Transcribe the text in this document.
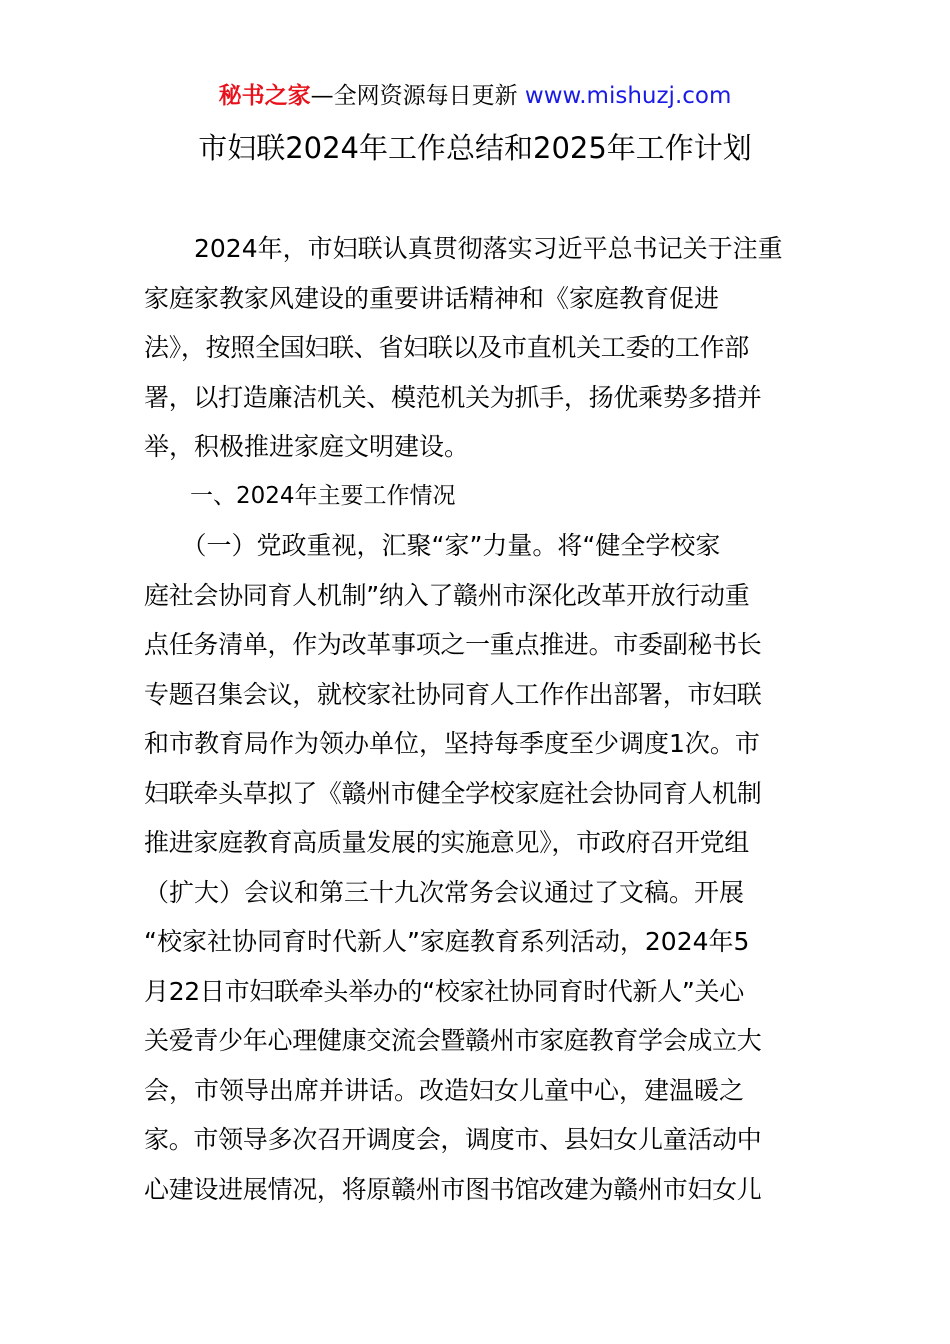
秘书之家—全网资源每日更新 www.mishuzj.com
市妇联2024年工作总结和2025年工作计划
　　2024年，市妇联认真贯彻落实习近平总书记关于注重
家庭家教家风建设的重要讲话精神和《家庭教育促进
法》，按照全国妇联、省妇联以及市直机关工委的工作部
署，以打造廉洁机关、模范机关为抓手，扬优乘势多措并
举，积极推进家庭文明建设。
　　一、2024年主要工作情况
　　（一）党政重视，汇聚“家”力量。将“健全学校家
庭社会协同育人机制”纳入了赣州市深化改革开放行动重
点任务清单，作为改革事项之一重点推进。市委副秘书长
专题召集会议，就校家社协同育人工作作出部署，市妇联
和市教育局作为领办单位，坚持每季度至少调度1次。市
妇联牵头草拟了《赣州市健全学校家庭社会协同育人机制
推进家庭教育高质量发展的实施意见》，市政府召开党组
（扩大）会议和第三十九次常务会议通过了文稿。开展
“校家社协同育时代新人”家庭教育系列活动，2024年5
月22日市妇联牵头举办的“校家社协同育时代新人”关心
关爱青少年心理健康交流会暨赣州市家庭教育学会成立大
会，市领导出席并讲话。改造妇女儿童中心，建温暖之
家。市领导多次召开调度会，调度市、县妇女儿童活动中
心建设进展情况，将原赣州市图书馆改建为赣州市妇女儿
